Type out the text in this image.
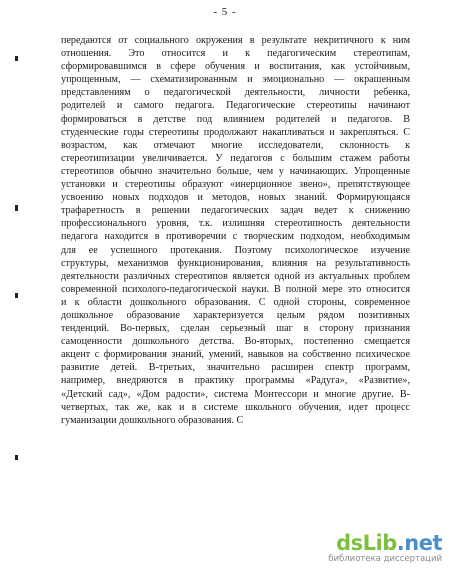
- 5 -
передаются от социального окружения в результате некритичного к ним
отношения. Это относится и к педагогическим стереотипам,
сформировавшимся в сфере обучения и воспитания, как устойчивым,
упрощенным, — схематизированным и эмоционально — окрашенным
представлениям о педагогической деятельности, личности ребенка,
родителей и самого педагога. Педагогические стереотипы начинают
формироваться в детстве под влиянием родителей и педагогов. В
студенческие годы стереотипы продолжают накапливаться и закрепляться. С
возрастом, как отмечают многие исследователи, склонность к
стереотипизации увеличивается. У педагогов с большим стажем работы
стереотипов обычно значительно больше, чем у начинающих. Упрощенные
установки и стереотипы образуют «инерционное звено», препятствующее
усвоению новых подходов и методов, новых знаний. Формирующаяся
трафаретность в решении педагогических задач ведет к снижению
профессионального уровня, т.к. излишняя стереотипность деятельности
педагога находится в противоречии с творческим подходом, необходимым
для ее успешного протекания. Поэтому психологическое изучение
структуры, механизмов функционирования, влияния на результативность
деятельности различных стереотипов является одной из актуальных проблем
современной психолого-педагогической науки. В полной мере это относится
и к области дошкольного образования. С одной стороны, современное
дошкольное образование характеризуется целым рядом позитивных
тенденций. Во-первых, сделан серьезный шаг в сторону признания
самоценности дошкольного детства. Во-вторых, постепенно смещается
акцент с формирования знаний, умений, навыков на собственно психическое
развитие детей. В-третьих, значительно расширен спектр программ,
например, внедряются в практику программы «Радуга», «Развитие»,
«Детский сад», «Дом радости», система Монтессори и многие другие. В-
четвертых, так же, как и в системе школьного обучения, идет процесс
гуманизации дошкольного образования. С
dsLib.net
библиотека диссертаций
